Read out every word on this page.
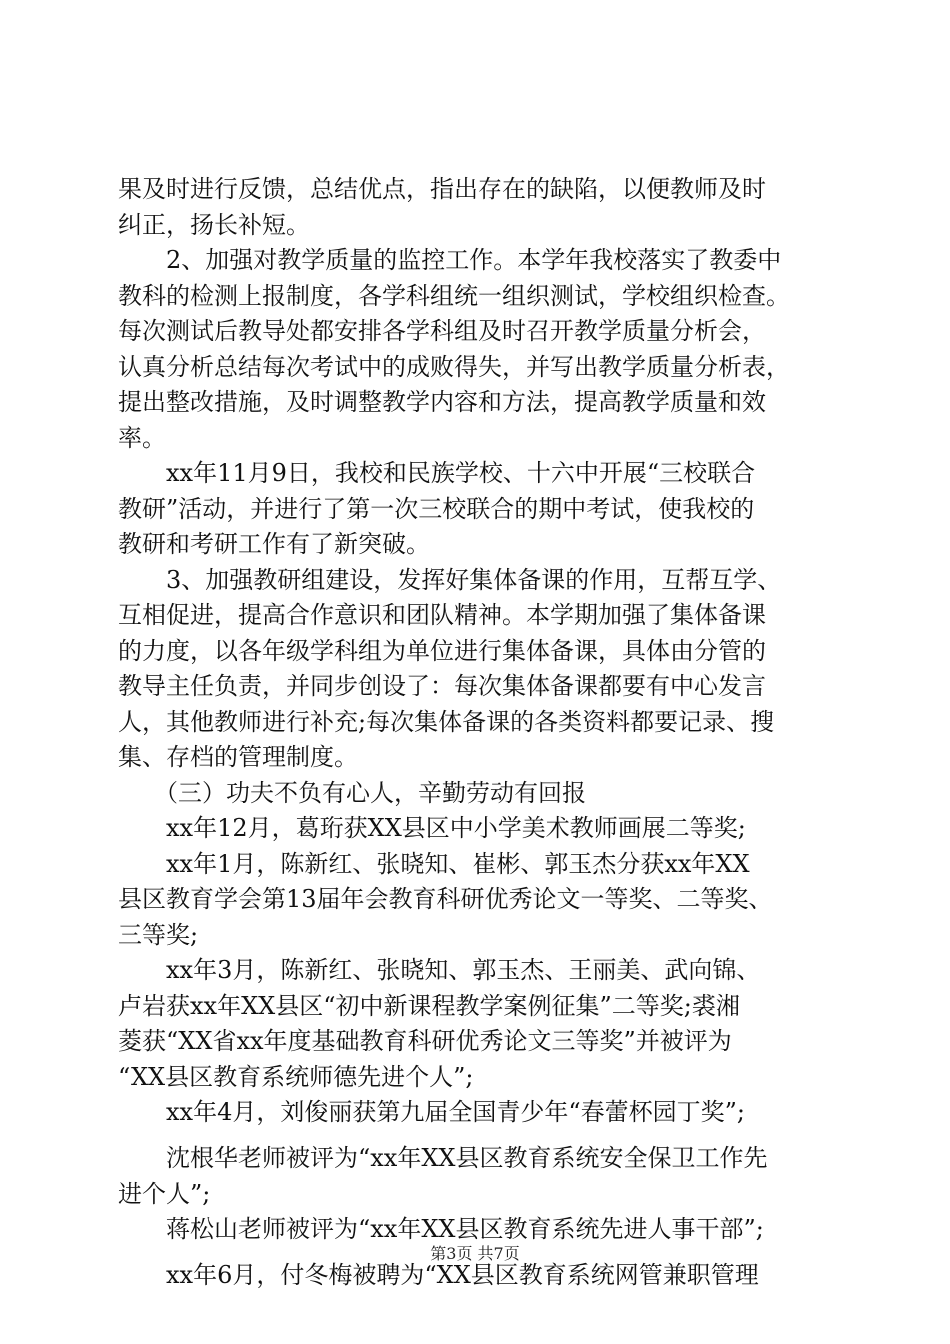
果及时进行反馈，总结优点，指出存在的缺陷，以便教师及时
纠正，扬长补短。
　　2、加强对教学质量的监控工作。本学年我校落实了教委中
教科的检测上报制度，各学科组统一组织测试，学校组织检查。
每次测试后教导处都安排各学科组及时召开教学质量分析会，
认真分析总结每次考试中的成败得失，并写出教学质量分析表，
提出整改措施，及时调整教学内容和方法，提高教学质量和效
率。
　　xx年11月9日，我校和民族学校、十六中开展“三校联合
教研”活动，并进行了第一次三校联合的期中考试，使我校的
教研和考研工作有了新突破。
　　3、加强教研组建设，发挥好集体备课的作用，互帮互学、
互相促进，提高合作意识和团队精神。本学期加强了集体备课
的力度，以各年级学科组为单位进行集体备课，具体由分管的
教导主任负责，并同步创设了：每次集体备课都要有中心发言
人，其他教师进行补充;每次集体备课的各类资料都要记录、搜
集、存档的管理制度。
　　（三）功夫不负有心人，辛勤劳动有回报
　　xx年12月，葛珩获XX县区中小学美术教师画展二等奖;
　　xx年1月，陈新红、张晓知、崔彬、郭玉杰分获xx年XX
县区教育学会第13届年会教育科研优秀论文一等奖、二等奖、
三等奖;
　　xx年3月，陈新红、张晓知、郭玉杰、王丽美、武向锦、
卢岩获xx年XX县区“初中新课程教学案例征集”二等奖;裘湘
菱获“XX省xx年度基础教育科研优秀论文三等奖”并被评为
“XX县区教育系统师德先进个人”;
　　xx年4月，刘俊丽获第九届全国青少年“春蕾杯园丁奖”;
　　沈根华老师被评为“xx年XX县区教育系统安全保卫工作先
进个人”;
　　蒋松山老师被评为“xx年XX县区教育系统先进人事干部”;
　　xx年6月，付冬梅被聘为“XX县区教育系统网管兼职管理
第3页 共7页
